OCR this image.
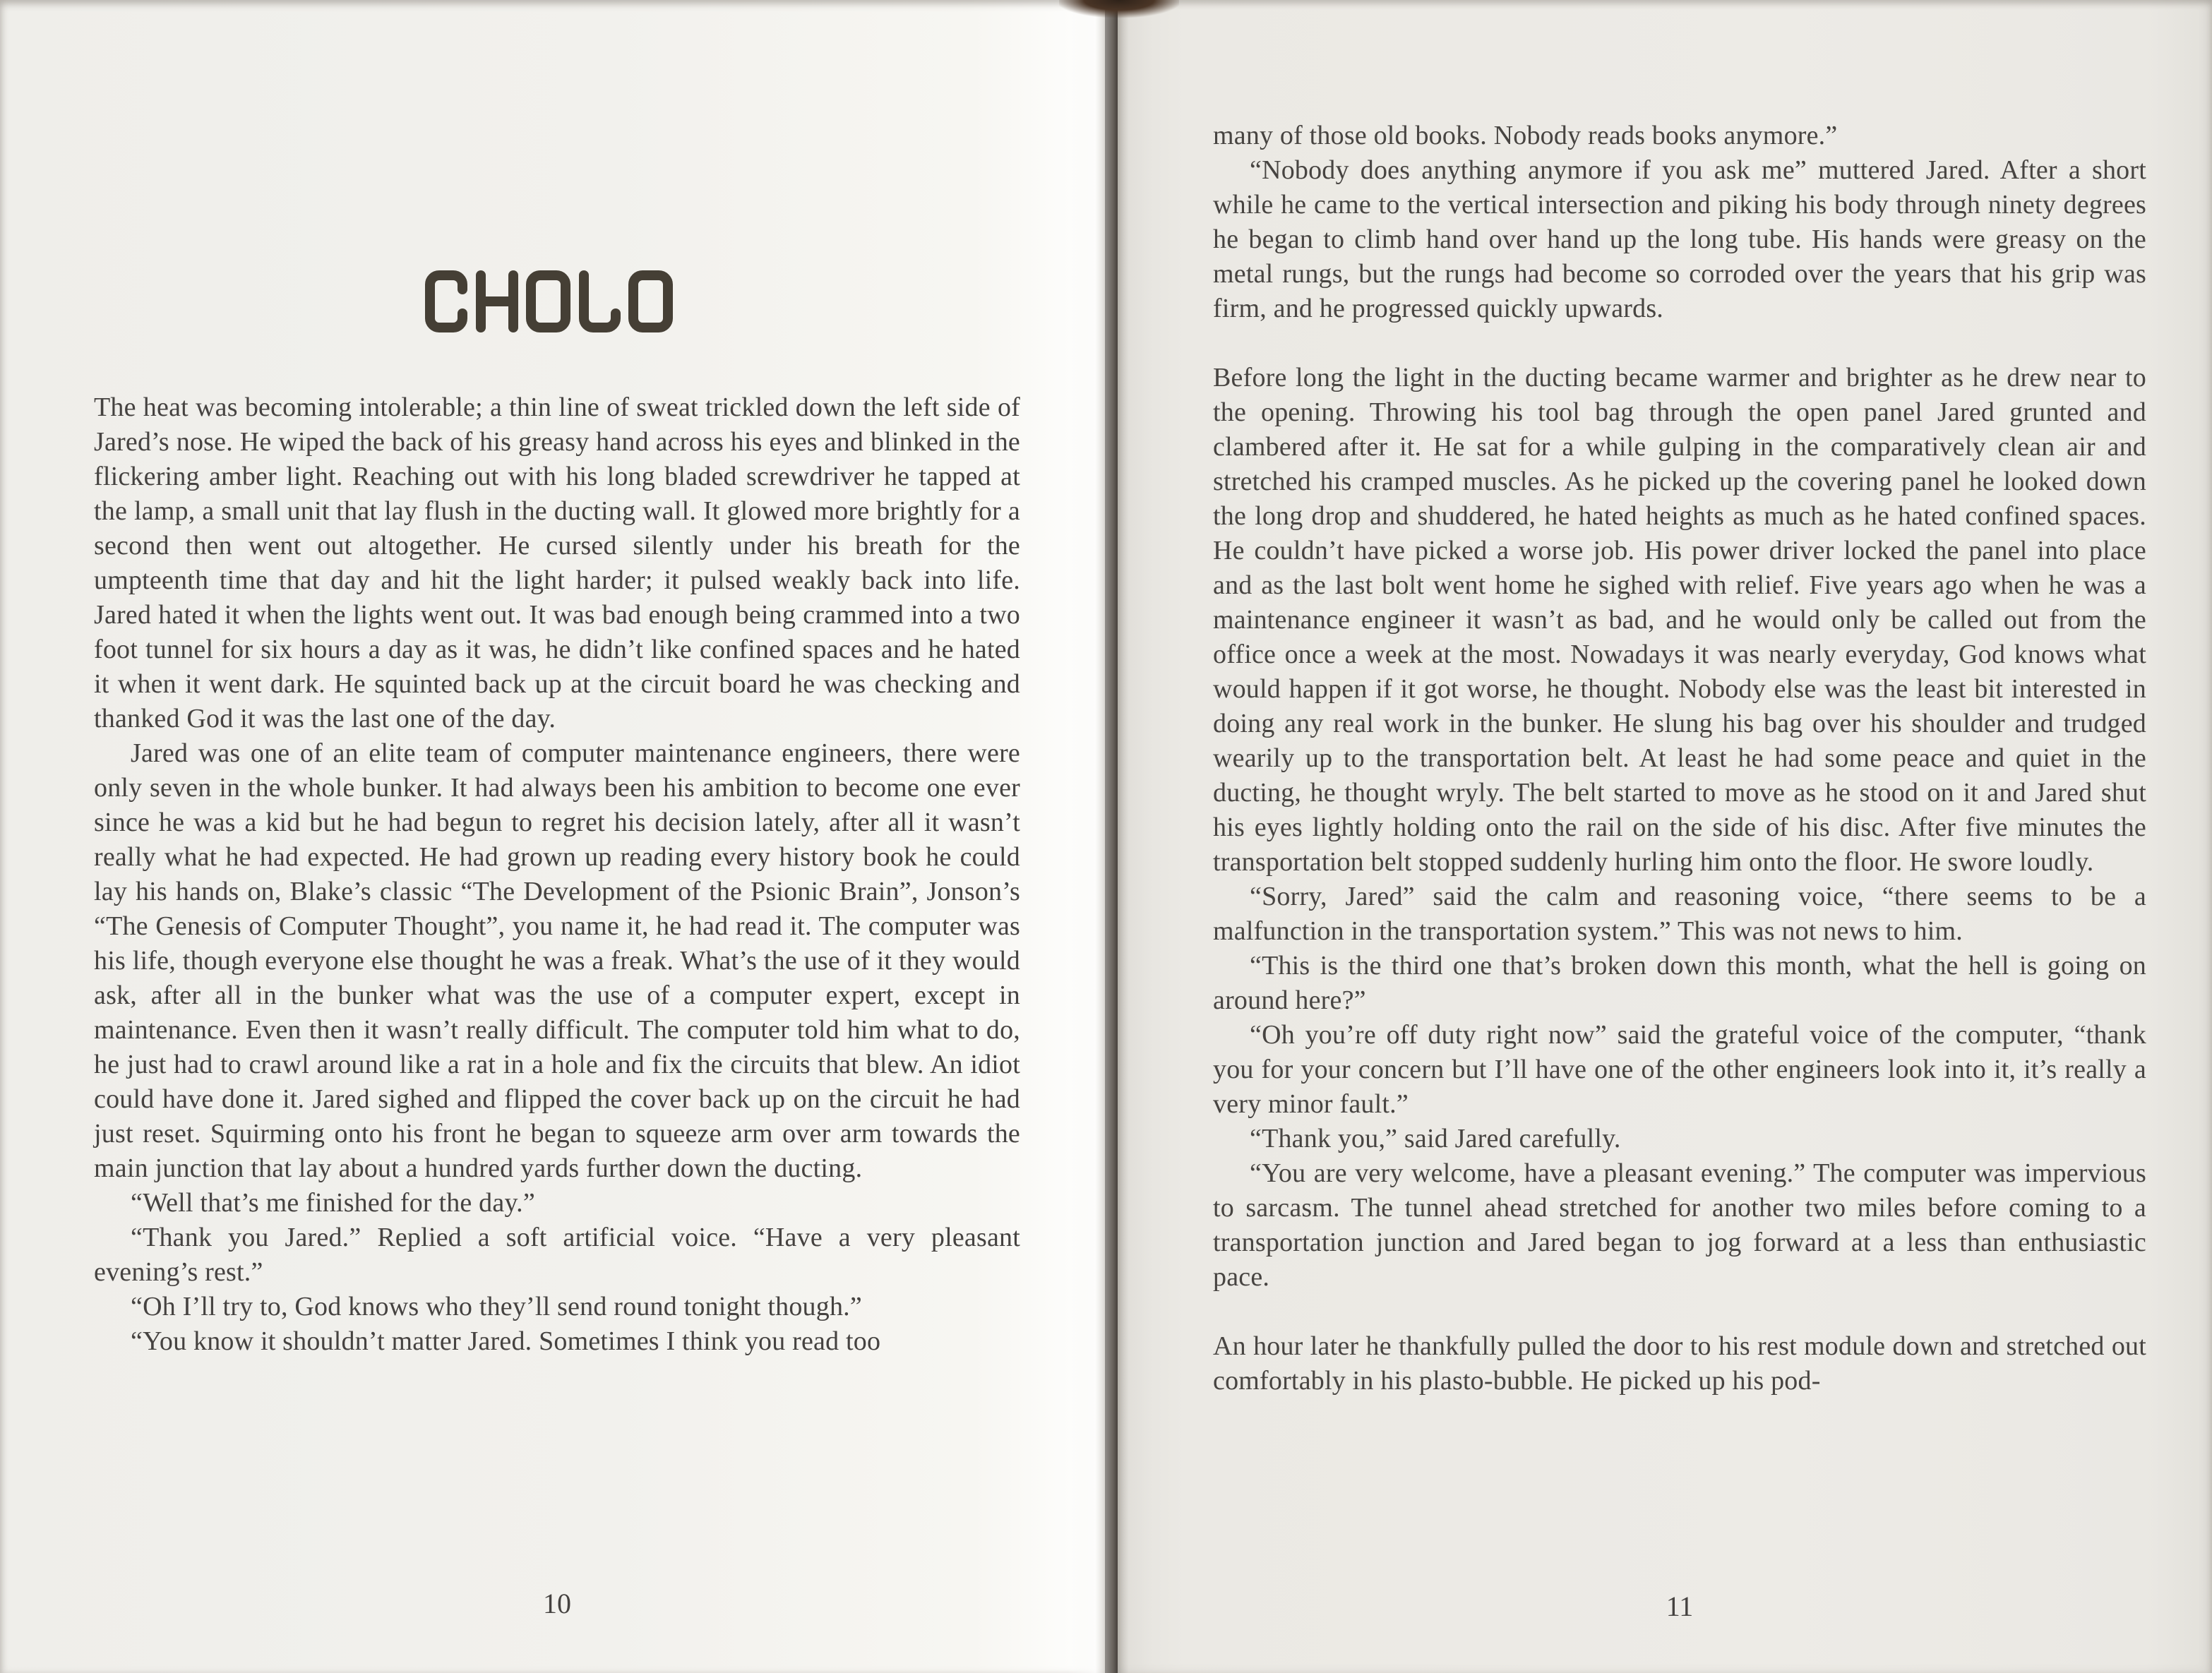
The heat was becoming intolerable; a thin line of sweat trickled down the left side of Jared’s nose. He wiped the back of his greasy hand across his eyes and blinked in the flickering amber light. Reaching out with his long bladed screwdriver he tapped at the lamp, a small unit that lay flush in the ducting wall. It glowed more brightly for a second then went out altogether. He cursed silently under his breath for the umpteenth time that day and hit the light harder; it pulsed weakly back into life. Jared hated it when the lights went out. It was bad enough being crammed into a two foot tunnel for six hours a day as it was, he didn’t like confined spaces and he hated it when it went dark. He squinted back up at the circuit board he was checking and thanked God it was the last one of the day.

Jared was one of an elite team of computer maintenance engineers, there were only seven in the whole bunker. It had always been his ambition to become one ever since he was a kid but he had begun to regret his decision lately, after all it wasn’t really what he had expected. He had grown up reading every history book he could lay his hands on, Blake’s classic “The Development of the Psionic Brain”, Jonson’s “The Genesis of Computer Thought”, you name it, he had read it. The computer was his life, though everyone else thought he was a freak. What’s the use of it they would ask, after all in the bunker what was the use of a computer expert, except in maintenance. Even then it wasn’t really difficult. The computer told him what to do, he just had to crawl around like a rat in a hole and fix the circuits that blew. An idiot could have done it. Jared sighed and flipped the cover back up on the circuit he had just reset. Squirming onto his front he began to squeeze arm over arm towards the main junction that lay about a hundred yards further down the ducting.

“Well that’s me finished for the day.”

“Thank you Jared.” Replied a soft artificial voice. “Have a very pleasant evening’s rest.”

“Oh I’ll try to, God knows who they’ll send round tonight though.”

“You know it shouldn’t matter Jared. Sometimes I think you read too

10

many of those old books. Nobody reads books anymore.”

“Nobody does anything anymore if you ask me” muttered Jared. After a short while he came to the vertical intersection and piking his body through ninety degrees he began to climb hand over hand up the long tube. His hands were greasy on the metal rungs, but the rungs had become so corroded over the years that his grip was firm, and he progressed quickly upwards.

Before long the light in the ducting became warmer and brighter as he drew near to the opening. Throwing his tool bag through the open panel Jared grunted and clambered after it. He sat for a while gulping in the comparatively clean air and stretched his cramped muscles. As he picked up the covering panel he looked down the long drop and shuddered, he hated heights as much as he hated confined spaces. He couldn’t have picked a worse job. His power driver locked the panel into place and as the last bolt went home he sighed with relief. Five years ago when he was a maintenance engineer it wasn’t as bad, and he would only be called out from the office once a week at the most. Nowadays it was nearly everyday, God knows what would happen if it got worse, he thought. Nobody else was the least bit interested in doing any real work in the bunker. He slung his bag over his shoulder and trudged wearily up to the transportation belt. At least he had some peace and quiet in the ducting, he thought wryly. The belt started to move as he stood on it and Jared shut his eyes lightly holding onto the rail on the side of his disc. After five minutes the transportation belt stopped suddenly hurling him onto the floor. He swore loudly.

“Sorry, Jared” said the calm and reasoning voice, “there seems to be a malfunction in the transportation system.” This was not news to him.

“This is the third one that’s broken down this month, what the hell is going on around here?”

“Oh you’re off duty right now” said the grateful voice of the computer, “thank you for your concern but I’ll have one of the other engineers look into it, it’s really a very minor fault.”

“Thank you,” said Jared carefully.

“You are very welcome, have a pleasant evening.” The computer was impervious to sarcasm. The tunnel ahead stretched for another two miles before coming to a transportation junction and Jared began to jog forward at a less than enthusiastic pace.

An hour later he thankfully pulled the door to his rest module down and stretched out comfortably in his plasto-bubble. He picked up his pod-

11
